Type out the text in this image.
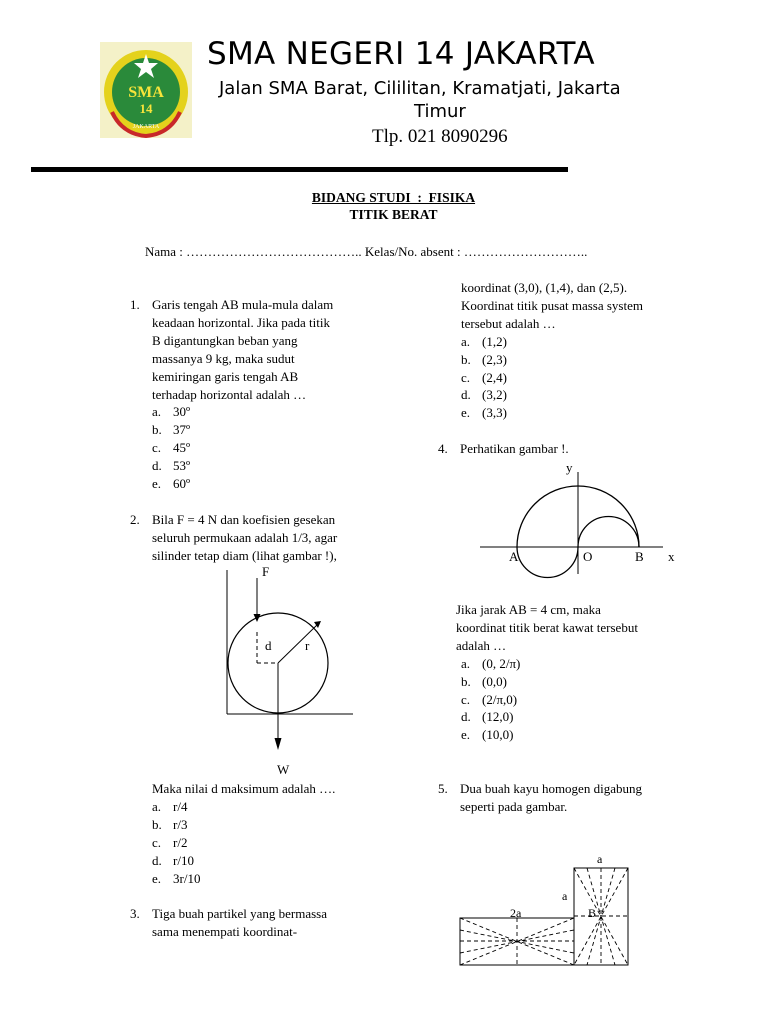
SMA
14
JAKARTA
SMA NEGERI 14 JAKARTA
Jalan SMA Barat, Cililitan, Kramatjati, Jakarta
Timur
Tlp. 021 8090296
BIDANG STUDI  :  FISIKA
TITIK BERAT
Nama : ………………………………….. Kelas/No. absent : ………………………..
1. Garis tengah AB mula-mula dalam
keadaan horizontal. Jika pada titik
B digantungkan beban yang
massanya 9 kg, maka sudut
kemiringan garis tengah AB
terhadap horizontal adalah …
a. 30º
b. 37º
c. 45º
d. 53º
e. 60º
2. Bila F = 4 N dan koefisien gesekan
seluruh permukaan adalah 1/3, agar
silinder tetap diam (lihat gambar !),
F
d	r
W
Maka nilai d maksimum adalah ….
a. r/4
b. r/3
c. r/2
d. r/10
e. 3r/10
3. Tiga buah partikel yang bermassa
sama menempati koordinat-
koordinat (3,0), (1,4), dan (2,5).
Koordinat titik pusat massa system
tersebut adalah …
a. (1,2)
b. (2,3)
c. (2,4)
d. (3,2)
e. (3,3)
4. Perhatikan gambar !.
y
x
A	O	B
Jika jarak AB = 4 cm, maka
koordinat titik berat kawat tersebut
adalah …
a. (0, 2/π)
b. (0,0)
c. (2/π,0)
d. (12,0)
e. (10,0)
5. Dua buah kayu homogen digabung
seperti pada gambar.
a
a
2a	B
